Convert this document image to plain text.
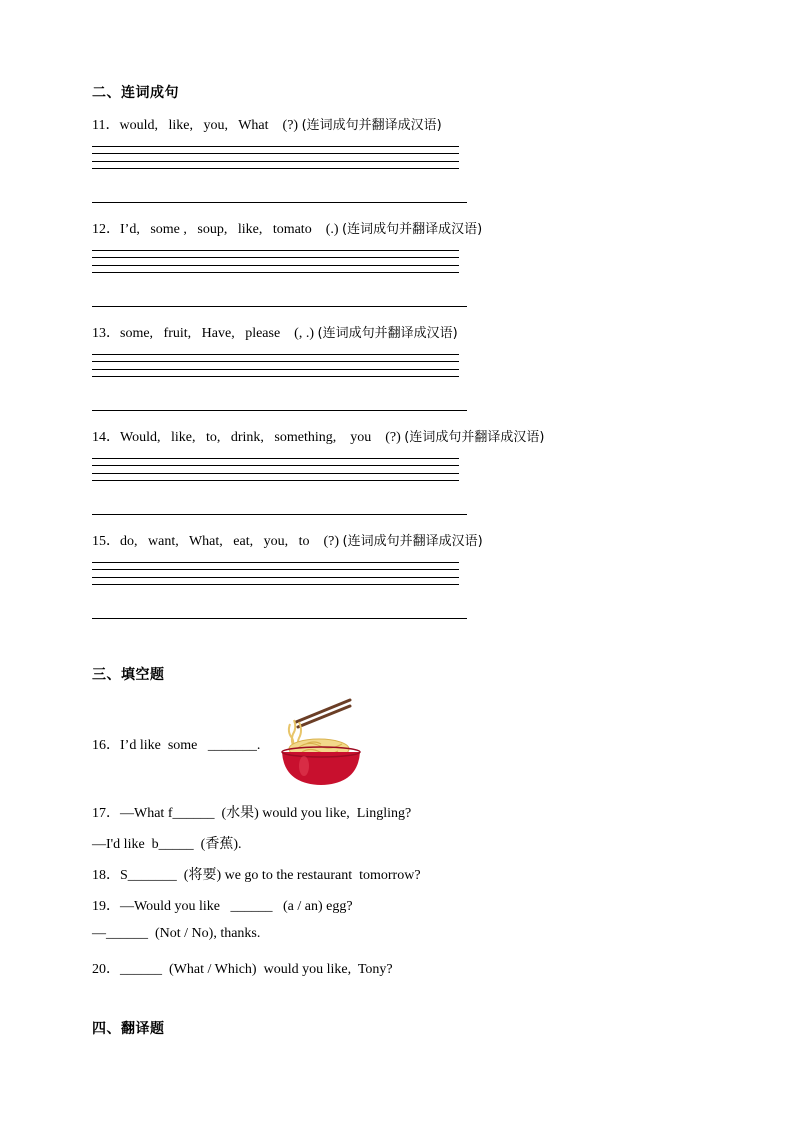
二、连词成句
11．would,   like,   you,   What    (?) (连词成句并翻译成汉语)
12．I’d,   some ,   soup,   like,   tomato    (.) (连词成句并翻译成汉语)
13．some,   fruit,   Have,   please    (, .) (连词成句并翻译成汉语)
14．Would,   like,   to,   drink,   something,    you    (?) (连词成句并翻译成汉语)
15．do,   want,   What,   eat,   you,   to    (?) (连词成句并翻译成汉语)
三、填空题
16．I’d like  some   _______.
17．—What f______  (水果) would you like,  Lingling?
—I'd like  b_____  (香蕉).
18．S_______  (将要) we go to the restaurant  tomorrow?
19．—Would you like   ______   (a / an) egg?
—______  (Not / No), thanks.
20．______  (What / Which)  would you like,  Tony?
四、翻译题
